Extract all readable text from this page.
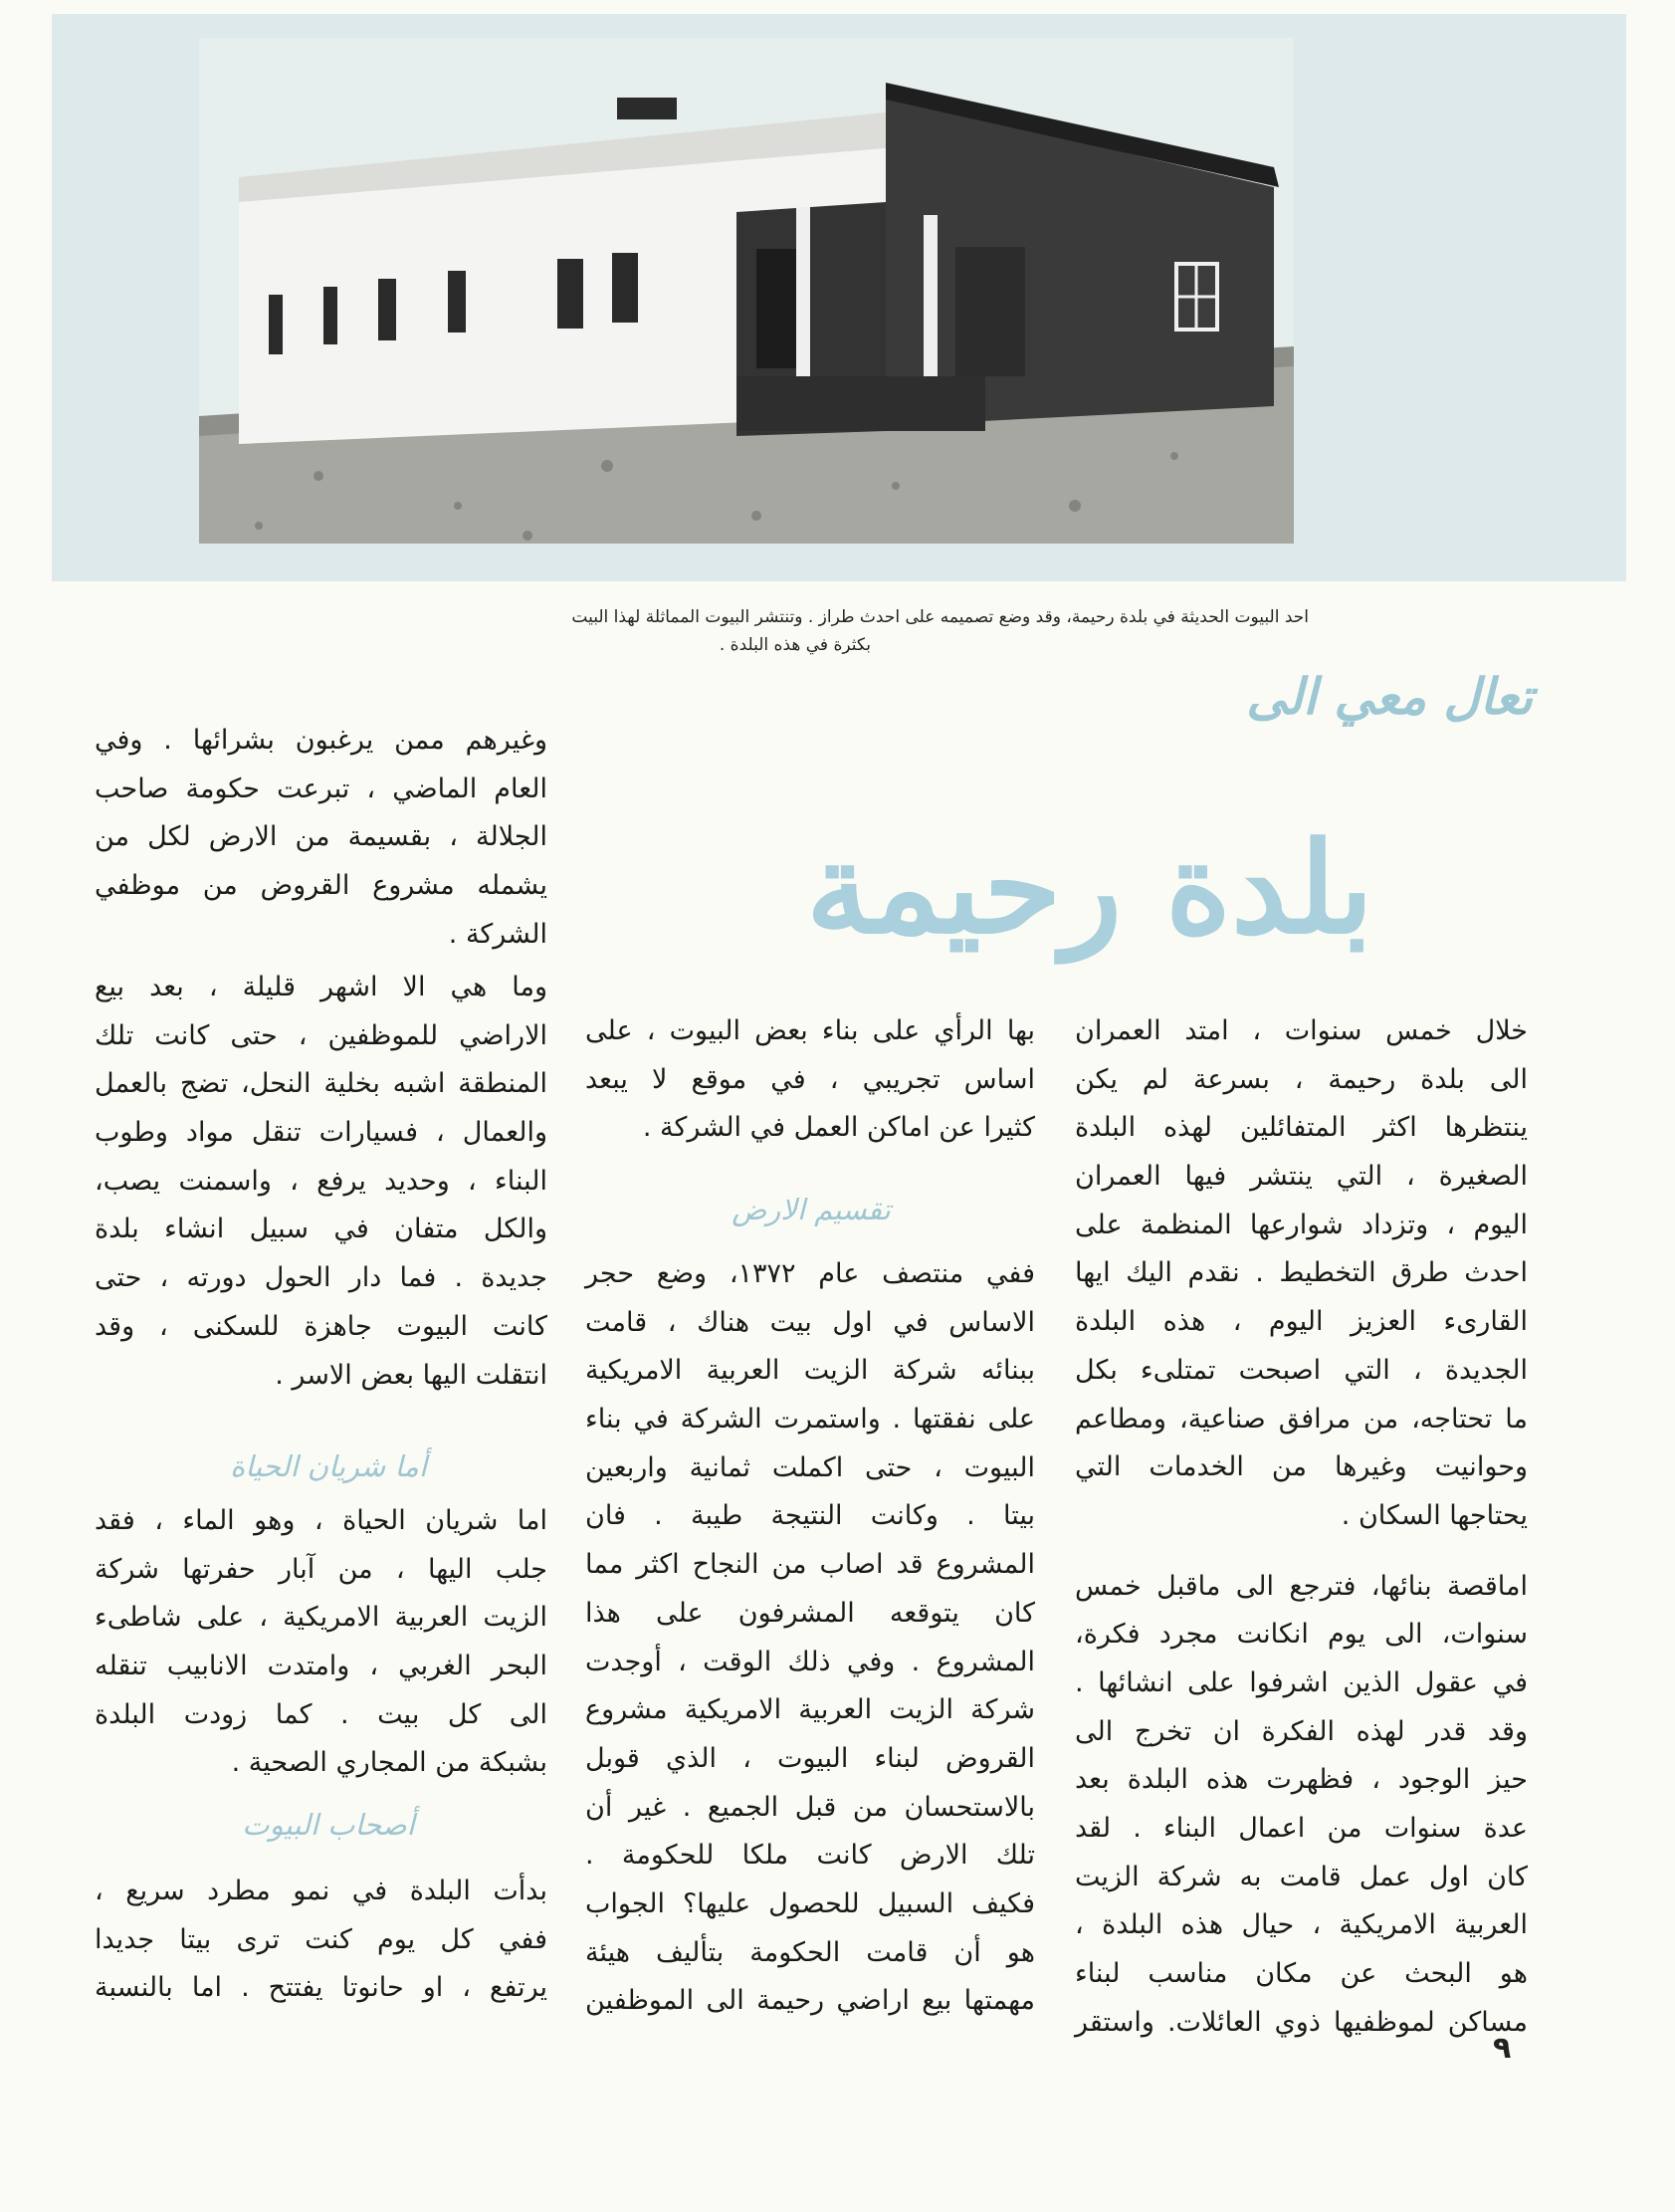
احد البيوت الحديثة في بلدة رحيمة، وقد وضع تصميمه على احدث طراز . وتنتشر البيوت المماثلة لهذا البيت
بكثرة في هذه البلدة .
تعال معي الى
بلدة رحيمة
خلال خمس سنوات ، امتد العمران
الى بلدة رحيمة ، بسرعة لم يكن
ينتظرها اكثر المتفائلين لهذه البلدة
الصغيرة ، التي ينتشر فيها العمران
اليوم ، وتزداد شوارعها المنظمة على
احدث طرق التخطيط . نقدم اليك ايها
القارىء العزيز اليوم ، هذه البلدة
الجديدة ، التي اصبحت تمتلىء بكل
ما تحتاجه، من مرافق صناعية، ومطاعم
وحوانيت وغيرها من الخدمات التي
يحتاجها السكان .
اماقصة بنائها، فترجع الى ماقبل خمس
سنوات، الى يوم انكانت مجرد فكرة،
في عقول الذين اشرفوا على انشائها .
وقد قدر لهذه الفكرة ان تخرج الى
حيز الوجود ، فظهرت هذه البلدة بعد
عدة سنوات من اعمال البناء . لقد
كان اول عمل قامت به شركة الزيت
العربية الامريكية ، حيال هذه البلدة ،
هو البحث عن مكان مناسب لبناء
مساكن لموظفيها ذوي العائلات. واستقر
بها الرأي على بناء بعض البيوت ، على
اساس تجريبي ، في موقع لا يبعد
كثيرا عن اماكن العمل في الشركة .
تقسيم الارض
ففي منتصف عام ١٣٧٢، وضع حجر
الاساس في اول بيت هناك ، قامت
ببنائه شركة الزيت العربية الامريكية
على نفقتها . واستمرت الشركة في بناء
البيوت ، حتى اكملت ثمانية واربعين
بيتا . وكانت النتيجة طيبة . فان
المشروع قد اصاب من النجاح اكثر مما
كان يتوقعه المشرفون على هذا
المشروع . وفي ذلك الوقت ، أوجدت
شركة الزيت العربية الامريكية مشروع
القروض لبناء البيوت ، الذي قوبل
بالاستحسان من قبل الجميع . غير أن
تلك الارض كانت ملكا للحكومة .
فكيف السبيل للحصول عليها؟ الجواب
هو أن قامت الحكومة بتأليف هيئة
مهمتها بيع اراضي رحيمة الى الموظفين
وغيرهم ممن يرغبون بشرائها . وفي
العام الماضي ، تبرعت حكومة صاحب
الجلالة ، بقسيمة من الارض لكل من
يشمله مشروع القروض من موظفي
الشركة .
وما هي الا اشهر قليلة ، بعد بيع
الاراضي للموظفين ، حتى كانت تلك
المنطقة اشبه بخلية النحل، تضج بالعمل
والعمال ، فسيارات تنقل مواد وطوب
البناء ، وحديد يرفع ، واسمنت يصب،
والكل متفان في سبيل انشاء بلدة
جديدة . فما دار الحول دورته ، حتى
كانت البيوت جاهزة للسكنى ، وقد
انتقلت اليها بعض الاسر .
أما شريان الحياة
اما شريان الحياة ، وهو الماء ، فقد
جلب اليها ، من آبار حفرتها شركة
الزيت العربية الامريكية ، على شاطىء
البحر الغربي ، وامتدت الانابيب تنقله
الى كل بيت . كما زودت البلدة
بشبكة من المجاري الصحية .
أصحاب البيوت
بدأت البلدة في نمو مطرد سريع ،
ففي كل يوم كنت ترى بيتا جديدا
يرتفع ، او حانوتا يفتتح . اما بالنسبة
٩
